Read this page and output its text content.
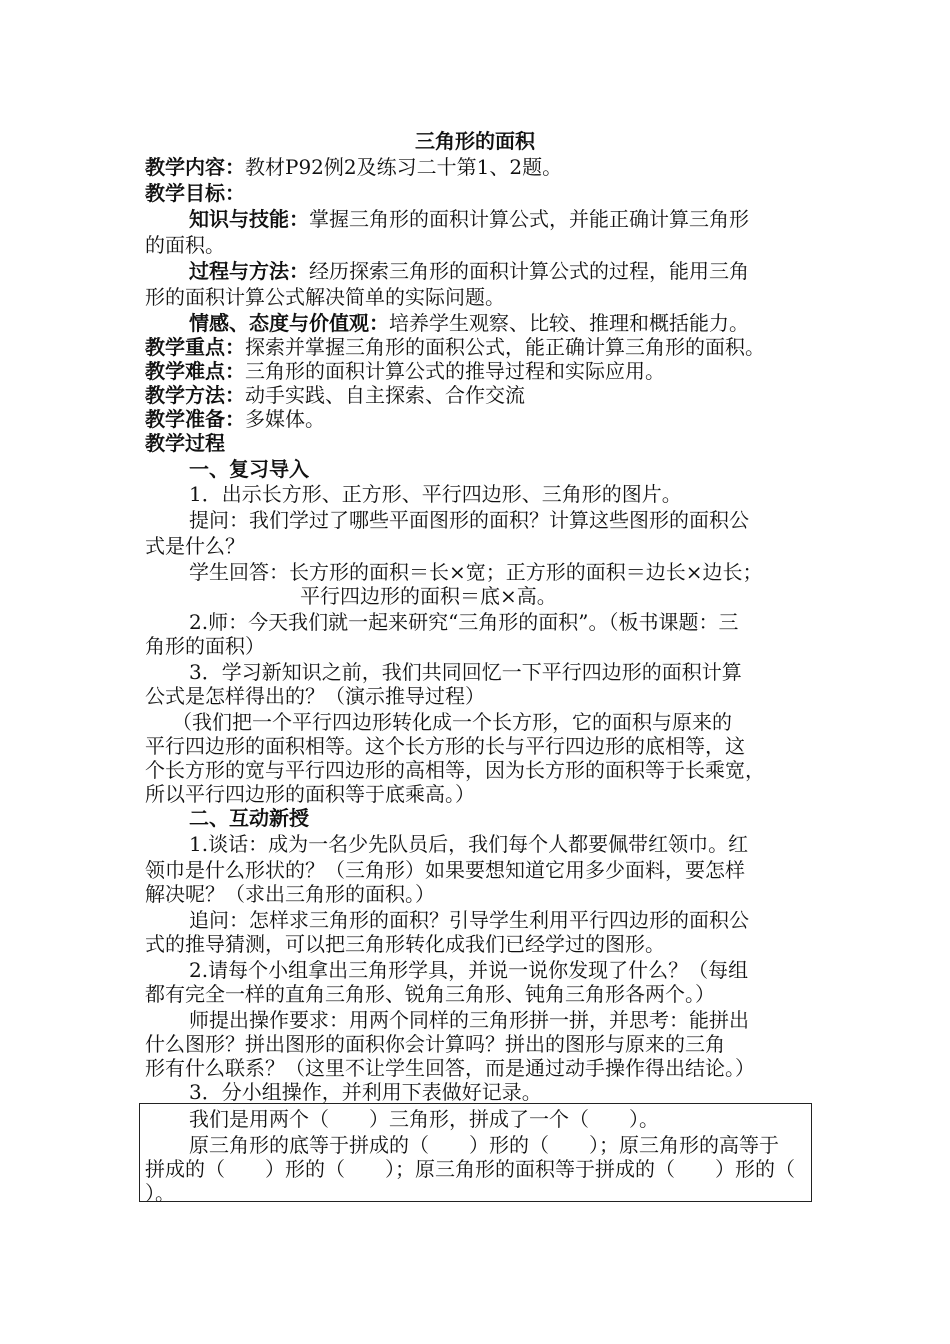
三角形的面积
教学内容：教材P92例2及练习二十第1、2题。
教学目标：
知识与技能：掌握三角形的面积计算公式，并能正确计算三角形
的面积。
过程与方法：经历探索三角形的面积计算公式的过程，能用三角
形的面积计算公式解决简单的实际问题。
情感、态度与价值观：培养学生观察、比较、推理和概括能力。
教学重点：探索并掌握三角形的面积公式，能正确计算三角形的面积。
教学难点：三角形的面积计算公式的推导过程和实际应用。
教学方法：动手实践、自主探索、合作交流
教学准备：多媒体。
教学过程
一、复习导入
1．出示长方形、正方形、平行四边形、三角形的图片。
提问：我们学过了哪些平面图形的面积？计算这些图形的面积公
式是什么？
学生回答：长方形的面积＝长×宽；正方形的面积＝边长×边长；
平行四边形的面积＝底×高。
2.师：今天我们就一起来研究“三角形的面积”。（板书课题：三
角形的面积）
3．学习新知识之前，我们共同回忆一下平行四边形的面积计算
公式是怎样得出的？（演示推导过程）
（我们把一个平行四边形转化成一个长方形，它的面积与原来的
平行四边形的面积相等。这个长方形的长与平行四边形的底相等，这
个长方形的宽与平行四边形的高相等，因为长方形的面积等于长乘宽，
所以平行四边形的面积等于底乘高。）
二、互动新授
1.谈话：成为一名少先队员后，我们每个人都要佩带红领巾。红
领巾是什么形状的？（三角形）如果要想知道它用多少面料，要怎样
解决呢？（求出三角形的面积。）
追问：怎样求三角形的面积？引导学生利用平行四边形的面积公
式的推导猜测，可以把三角形转化成我们已经学过的图形。
2.请每个小组拿出三角形学具，并说一说你发现了什么？（每组
都有完全一样的直角三角形、锐角三角形、钝角三角形各两个。）
师提出操作要求：用两个同样的三角形拼一拼，并思考：能拼出
什么图形？拼出图形的面积你会计算吗？拼出的图形与原来的三角
形有什么联系？（这里不让学生回答，而是通过动手操作得出结论。）
3．分小组操作，并利用下表做好记录。
我们是用两个（　　）三角形，拼成了一个（　　）。
原三角形的底等于拼成的（　　）形的（　　）；原三角形的高等于
拼成的（　　）形的（　　）；原三角形的面积等于拼成的（　　）形的（
）。
